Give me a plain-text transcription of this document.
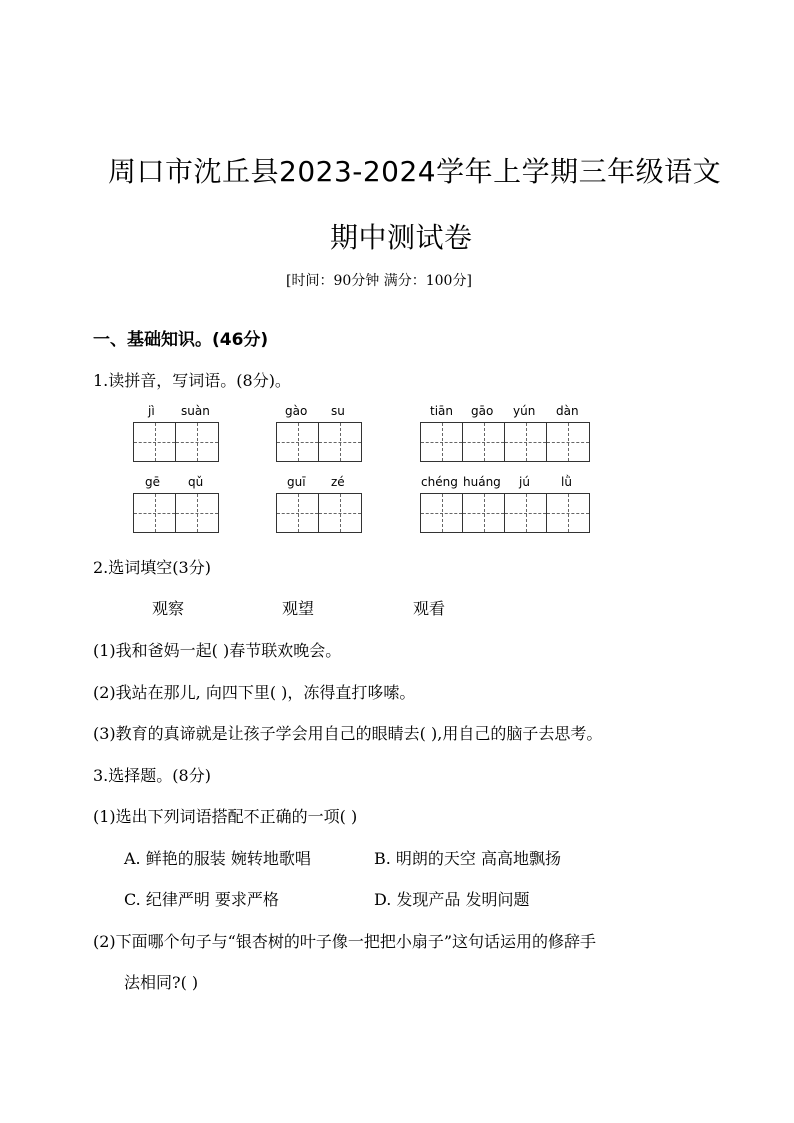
周口市沈丘县2023-2024学年上学期三年级语文
期中测试卷
[时间：90分钟 满分：100分]
一、基础知识。(46分)
1.读拼音，写词语。(8分)。
jì suàn	gào su	tiān gāo yún dàn
gē qǔ	guī zé	chéng huáng jú	lǜ
2.选词填空(3分)
观察	观望	观看
(1)我和爸妈一起( )春节联欢晚会。
(2)我站在那儿, 向四下里( )，冻得直打哆嗦。
(3)教育的真谛就是让孩子学会用自己的眼睛去( ),用自己的脑子去思考。
3.选择题。(8分)
(1)选出下列词语搭配不正确的一项( )
A. 鲜艳的服装 婉转地歌唱	B. 明朗的天空 高高地飘扬
C. 纪律严明 要求严格	D. 发现产品 发明问题
(2)下面哪个句子与“银杏树的叶子像一把把小扇子”这句话运用的修辞手
法相同?( )
